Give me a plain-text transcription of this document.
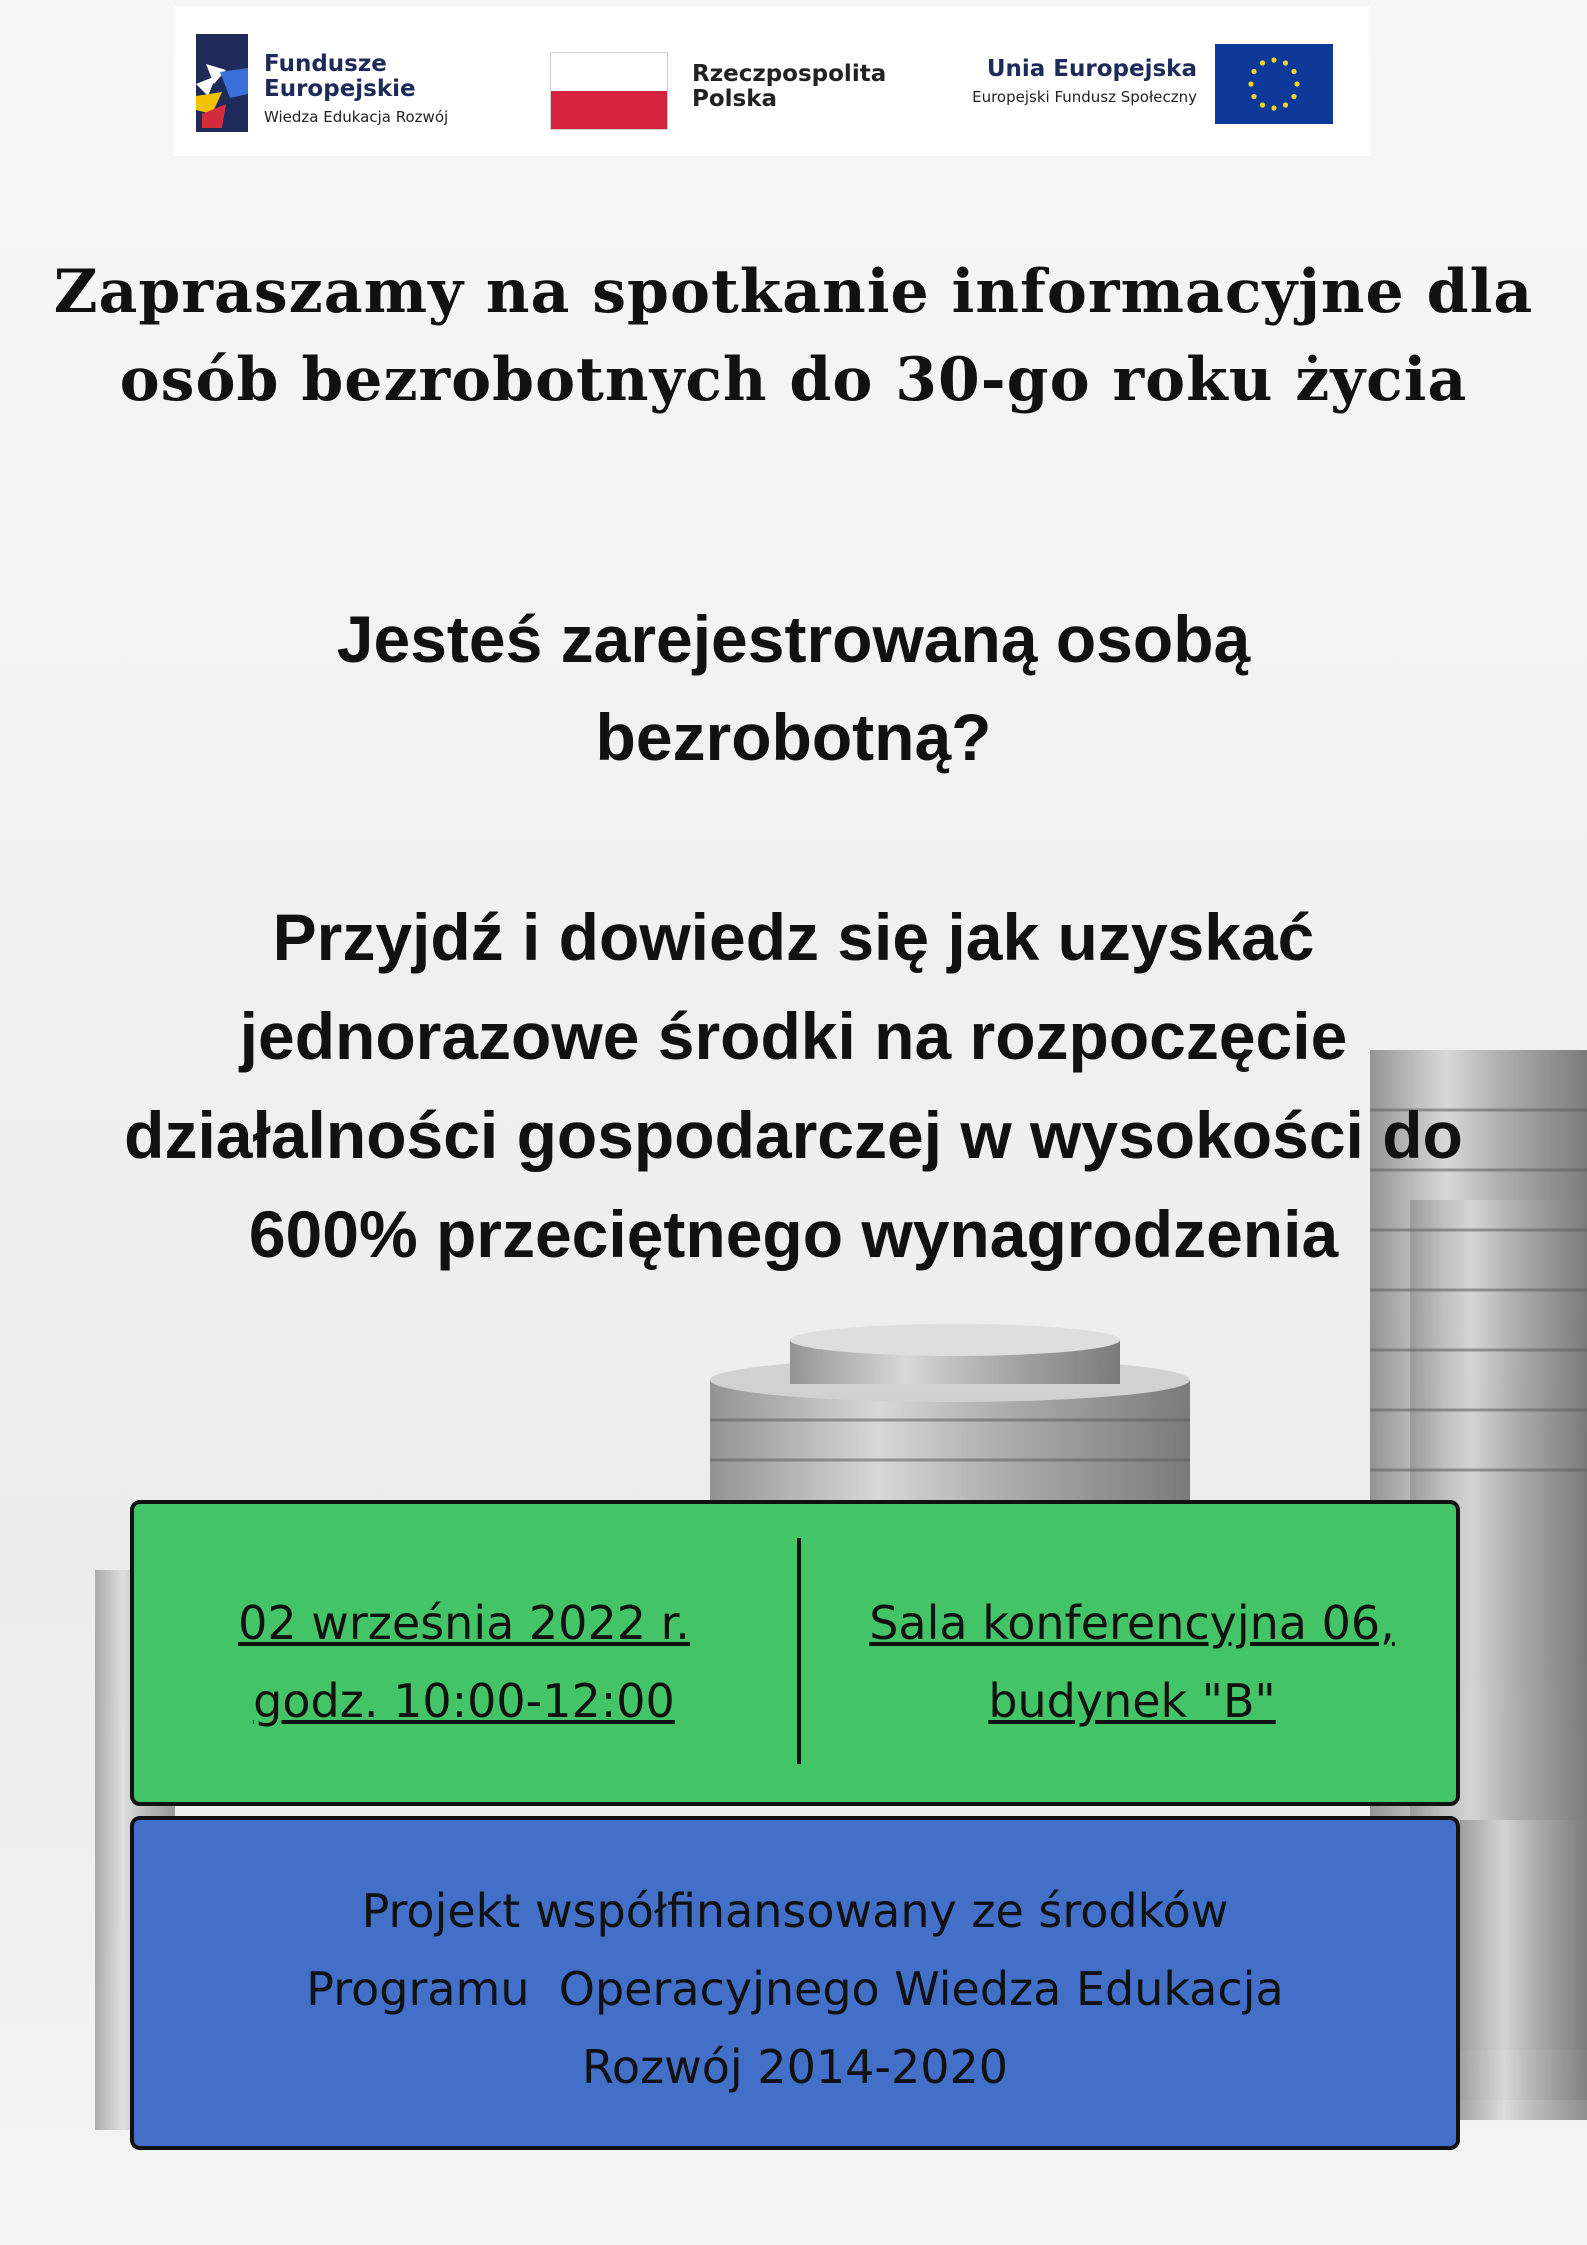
Fundusze
Europejskie
Wiedza Edukacja Rozwój
Rzeczpospolita
Polska
Unia Europejska
Europejski Fundusz Społeczny
Zapraszamy na spotkanie informacyjne dla
osób bezrobotnych do 30-go roku życia
Jesteś zarejestrowaną osobą
bezrobotną?
Przyjdź i dowiedz się jak uzyskać
jednorazowe środki na rozpoczęcie
działalności gospodarczej w wysokości do
600% przeciętnego wynagrodzenia
02 września 2022 r.
godz. 10:00-12:00
Sala konferencyjna 06,
budynek "B"
Projekt współfinansowany ze środków
Programu  Operacyjnego Wiedza Edukacja
Rozwój 2014-2020
